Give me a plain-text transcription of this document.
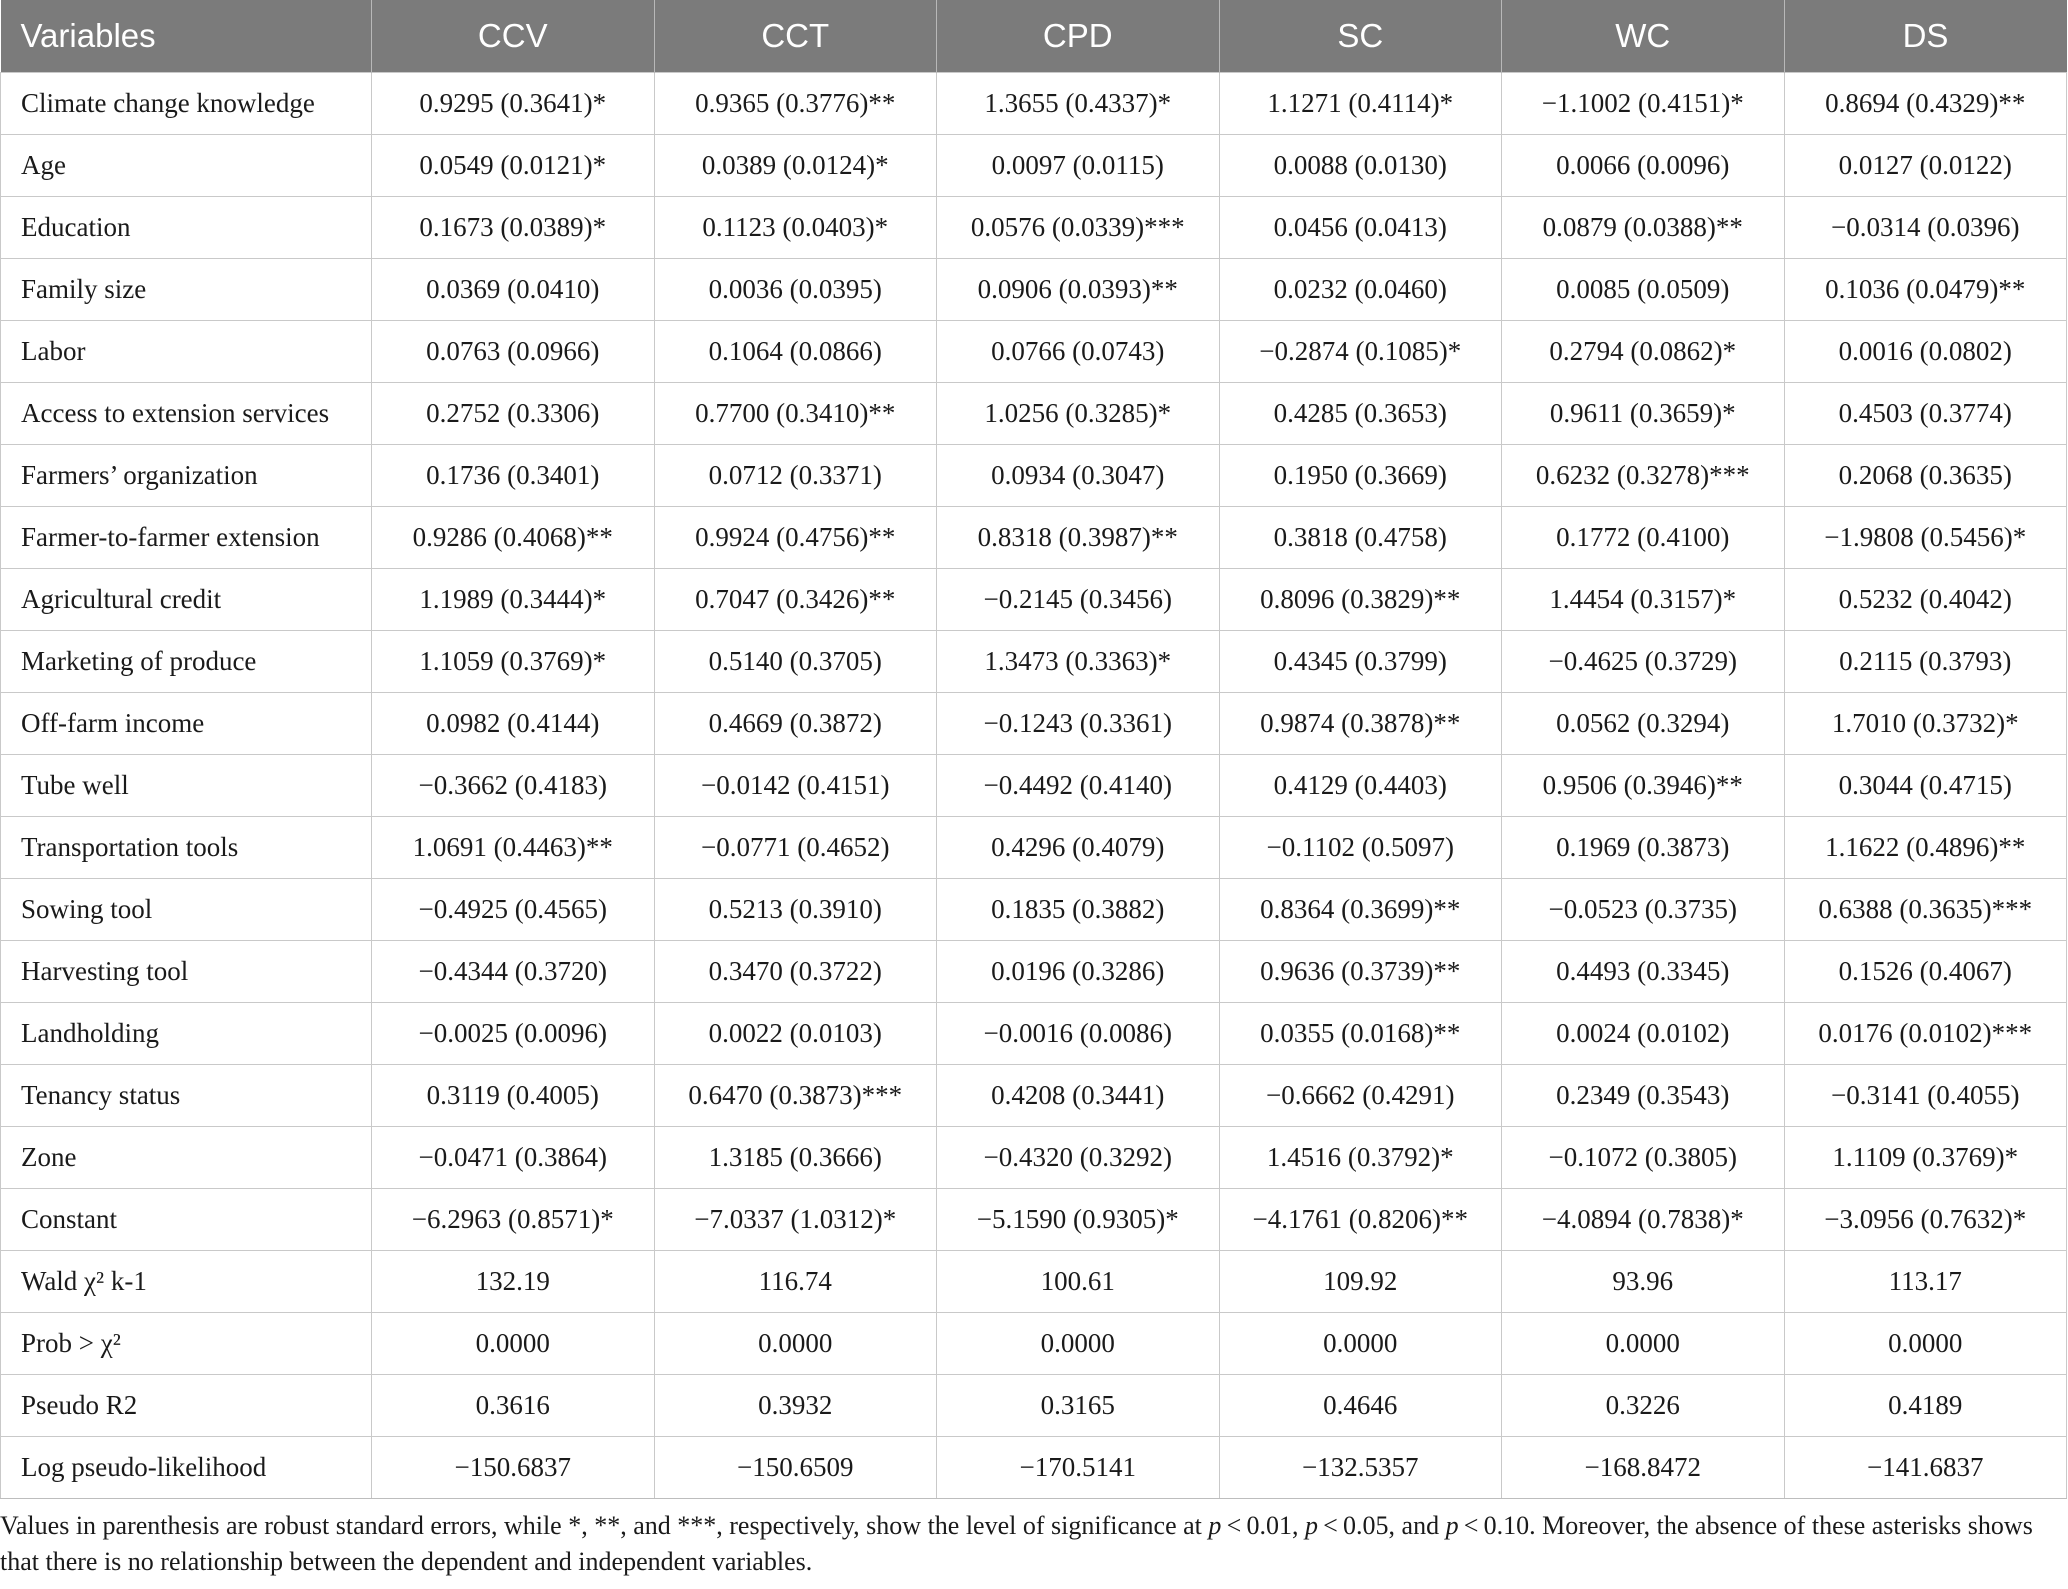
Variables	CCV	CCT	CPD	SC	WC	DS
Climate change knowledge	0.9295 (0.3641)*	0.9365 (0.3776)**	1.3655 (0.4337)*	1.1271 (0.4114)*	−1.1002 (0.4151)*	0.8694 (0.4329)**
Age	0.0549 (0.0121)*	0.0389 (0.0124)*	0.0097 (0.0115)	0.0088 (0.0130)	0.0066 (0.0096)	0.0127 (0.0122)
Education	0.1673 (0.0389)*	0.1123 (0.0403)*	0.0576 (0.0339)***	0.0456 (0.0413)	0.0879 (0.0388)**	−0.0314 (0.0396)
Family size	0.0369 (0.0410)	0.0036 (0.0395)	0.0906 (0.0393)**	0.0232 (0.0460)	0.0085 (0.0509)	0.1036 (0.0479)**
Labor	0.0763 (0.0966)	0.1064 (0.0866)	0.0766 (0.0743)	−0.2874 (0.1085)*	0.2794 (0.0862)*	0.0016 (0.0802)
Access to extension services	0.2752 (0.3306)	0.7700 (0.3410)**	1.0256 (0.3285)*	0.4285 (0.3653)	0.9611 (0.3659)*	0.4503 (0.3774)
Farmers’ organization	0.1736 (0.3401)	0.0712 (0.3371)	0.0934 (0.3047)	0.1950 (0.3669)	0.6232 (0.3278)***	0.2068 (0.3635)
Farmer-to-farmer extension	0.9286 (0.4068)**	0.9924 (0.4756)**	0.8318 (0.3987)**	0.3818 (0.4758)	0.1772 (0.4100)	−1.9808 (0.5456)*
Agricultural credit	1.1989 (0.3444)*	0.7047 (0.3426)**	−0.2145 (0.3456)	0.8096 (0.3829)**	1.4454 (0.3157)*	0.5232 (0.4042)
Marketing of produce	1.1059 (0.3769)*	0.5140 (0.3705)	1.3473 (0.3363)*	0.4345 (0.3799)	−0.4625 (0.3729)	0.2115 (0.3793)
Off-farm income	0.0982 (0.4144)	0.4669 (0.3872)	−0.1243 (0.3361)	0.9874 (0.3878)**	0.0562 (0.3294)	1.7010 (0.3732)*
Tube well	−0.3662 (0.4183)	−0.0142 (0.4151)	−0.4492 (0.4140)	0.4129 (0.4403)	0.9506 (0.3946)**	0.3044 (0.4715)
Transportation tools	1.0691 (0.4463)**	−0.0771 (0.4652)	0.4296 (0.4079)	−0.1102 (0.5097)	0.1969 (0.3873)	1.1622 (0.4896)**
Sowing tool	−0.4925 (0.4565)	0.5213 (0.3910)	0.1835 (0.3882)	0.8364 (0.3699)**	−0.0523 (0.3735)	0.6388 (0.3635)***
Harvesting tool	−0.4344 (0.3720)	0.3470 (0.3722)	0.0196 (0.3286)	0.9636 (0.3739)**	0.4493 (0.3345)	0.1526 (0.4067)
Landholding	−0.0025 (0.0096)	0.0022 (0.0103)	−0.0016 (0.0086)	0.0355 (0.0168)**	0.0024 (0.0102)	0.0176 (0.0102)***
Tenancy status	0.3119 (0.4005)	0.6470 (0.3873)***	0.4208 (0.3441)	−0.6662 (0.4291)	0.2349 (0.3543)	−0.3141 (0.4055)
Zone	−0.0471 (0.3864)	1.3185 (0.3666)	−0.4320 (0.3292)	1.4516 (0.3792)*	−0.1072 (0.3805)	1.1109 (0.3769)*
Constant	−6.2963 (0.8571)*	−7.0337 (1.0312)*	−5.1590 (0.9305)*	−4.1761 (0.8206)**	−4.0894 (0.7838)*	−3.0956 (0.7632)*
Wald χ² k-1	132.19	116.74	100.61	109.92	93.96	113.17
Prob > χ²	0.0000	0.0000	0.0000	0.0000	0.0000	0.0000
Pseudo R2	0.3616	0.3932	0.3165	0.4646	0.3226	0.4189
Log pseudo-likelihood	−150.6837	−150.6509	−170.5141	−132.5357	−168.8472	−141.6837
Values in parenthesis are robust standard errors, while *, **, and ***, respectively, show the level of significance at p < 0.01, p < 0.05, and p < 0.10. Moreover, the absence of these asterisks shows that there is no relationship between the dependent and independent variables.
